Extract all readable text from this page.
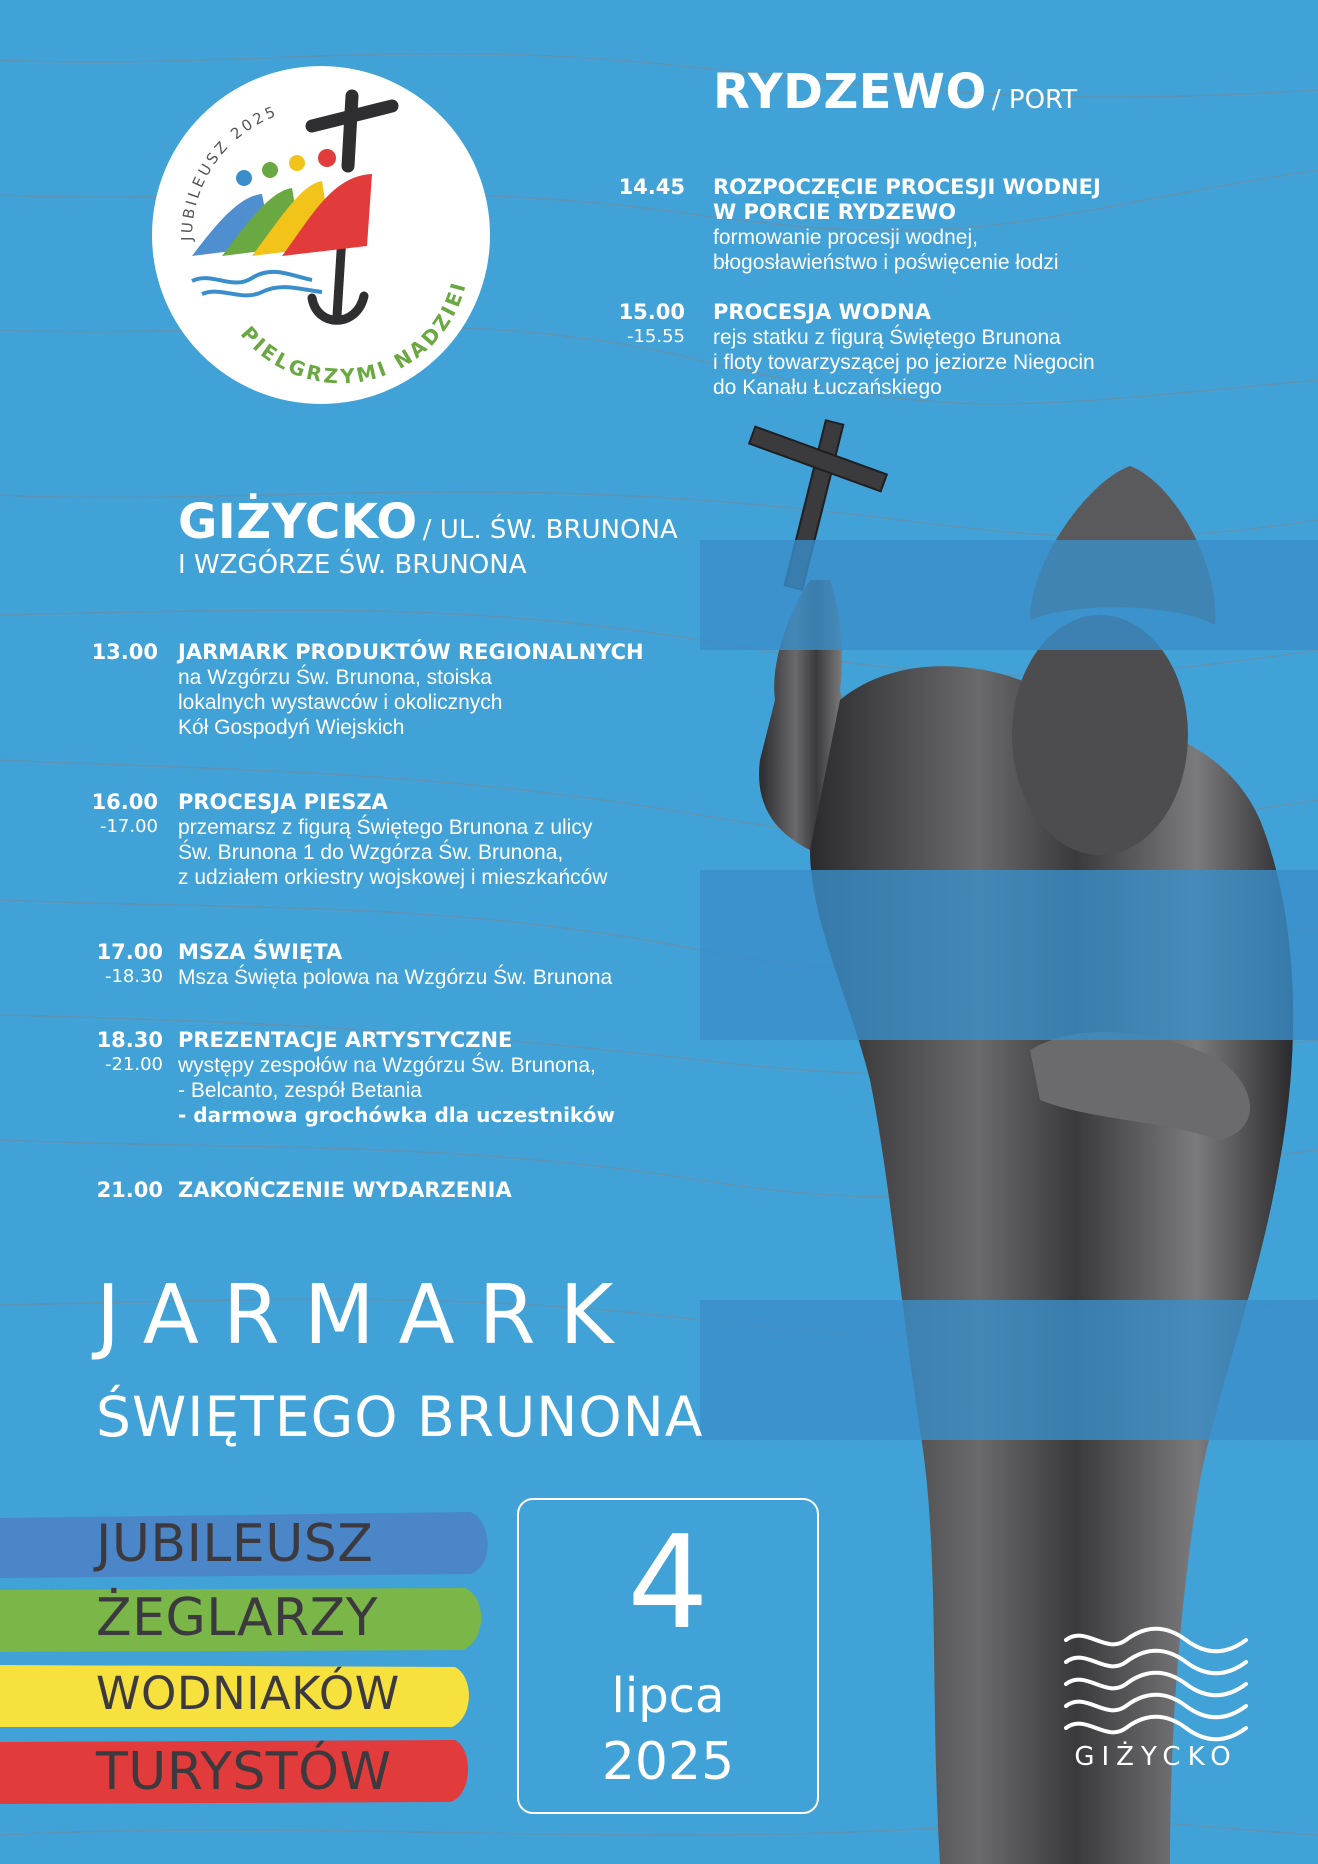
JUBILEUSZ 2025
PIELGRZYMI NADZIEI
RYDZEWO / PORT
14.45 ROZPOCZĘCIE PROCESJI WODNEJ
W PORCIE RYDZEWO
formowanie procesji wodnej,
błogosławieństwo i poświęcenie łodzi
15.00
-15.55
PROCESJA WODNA
rejs statku z figurą Świętego Brunona
i floty towarzyszącej po jeziorze Niegocin
do Kanału Łuczańskiego
GIŻYCKO / UL. ŚW. BRUNONA
I WZGÓRZE ŚW. BRUNONA
13.00 JARMARK PRODUKTÓW REGIONALNYCH
na Wzgórzu Św. Brunona, stoiska
lokalnych wystawców i okolicznych
Kół Gospodyń Wiejskich
16.00
-17.00
PROCESJA PIESZA
przemarsz z figurą Świętego Brunona z ulicy
Św. Brunona 1 do Wzgórza Św. Brunona,
z udziałem orkiestry wojskowej i mieszkańców
17.00
-18.30
MSZA ŚWIĘTA
Msza Święta polowa na Wzgórzu Św. Brunona
18.30
-21.00
PREZENTACJE ARTYSTYCZNE
występy zespołów na Wzgórzu Św. Brunona,
- Belcanto, zespół Betania
- darmowa grochówka dla uczestników
21.00 ZAKOŃCZENIE WYDARZENIA
JARMARK
ŚWIĘTEGO BRUNONA
JUBILEUSZ
ŻEGLARZY
WODNIAKÓW
TURYSTÓW
4
lipca
2025	GIŻYCKO
